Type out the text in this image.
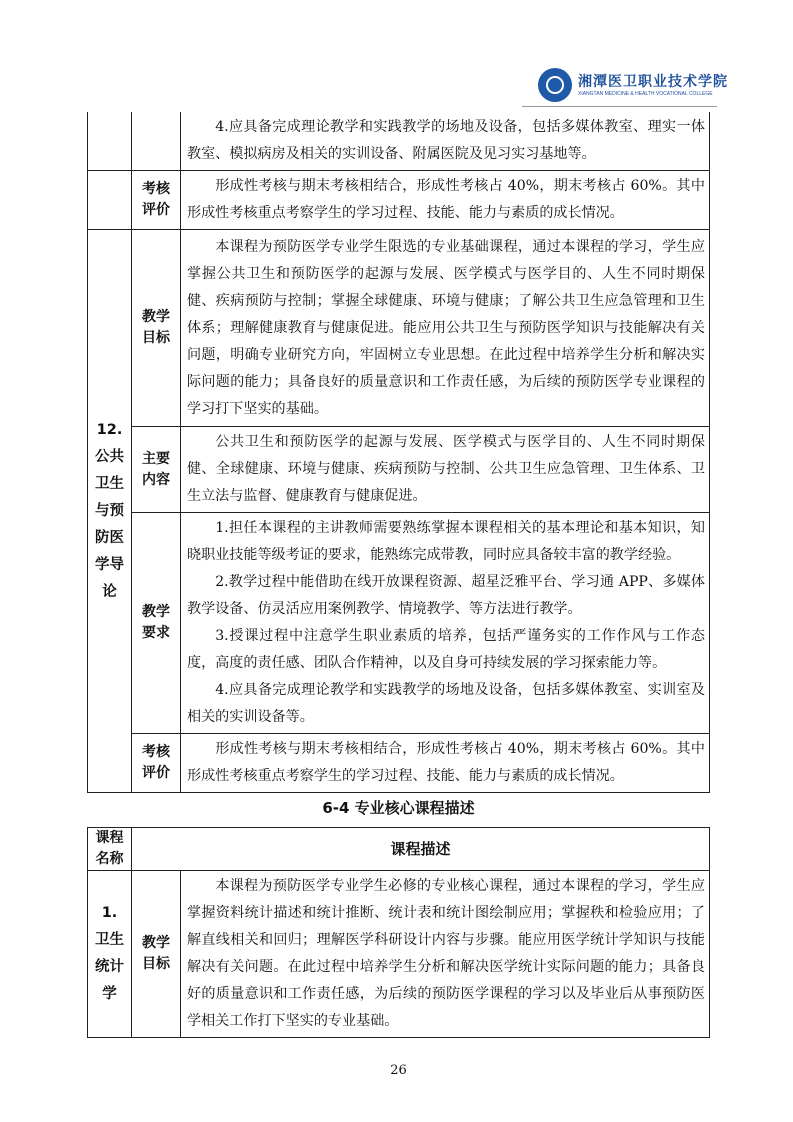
湘潭医卫职业技术学院
XIANGTAN MEDICINE & HEALTH VOCATIONAL COLLEGE

		4.应具备完成理论教学和实践教学的场地及设备，包括多媒体教室、理实一体教室、模拟病房及相关的实训设备、附属医院及见习实习基地等。

	考核评价	形成性考核与期末考核相结合，形成性考核占 40%，期末考核占 60%。其中形成性考核重点考察学生的学习过程、技能、能力与素质的成长情况。

12.公共卫生与预防医学导论	教学目标	本课程为预防医学专业学生限选的专业基础课程，通过本课程的学习，学生应掌握公共卫生和预防医学的起源与发展、医学模式与医学目的、人生不同时期保健、疾病预防与控制；掌握全球健康、环境与健康；了解公共卫生应急管理和卫生体系；理解健康教育与健康促进。能应用公共卫生与预防医学知识与技能解决有关问题，明确专业研究方向，牢固树立专业思想。在此过程中培养学生分析和解决实际问题的能力；具备良好的质量意识和工作责任感，为后续的预防医学专业课程的学习打下坚实的基础。

	主要内容	公共卫生和预防医学的起源与发展、医学模式与医学目的、人生不同时期保健、全球健康、环境与健康、疾病预防与控制、公共卫生应急管理、卫生体系、卫生立法与监督、健康教育与健康促进。

	教学要求	1.担任本课程的主讲教师需要熟练掌握本课程相关的基本理论和基本知识，知晓职业技能等级考证的要求，能熟练完成带教，同时应具备较丰富的教学经验。

2.教学过程中能借助在线开放课程资源、超星泛雅平台、学习通 APP、多媒体教学设备、仿灵活应用案例教学、情境教学、等方法进行教学。

3.授课过程中注意学生职业素质的培养，包括严谨务实的工作作风与工作态度，高度的责任感、团队合作精神，以及自身可持续发展的学习探索能力等。

4.应具备完成理论教学和实践教学的场地及设备，包括多媒体教室、实训室及相关的实训设备等。

	考核评价	形成性考核与期末考核相结合，形成性考核占 40%，期末考核占 60%。其中形成性考核重点考察学生的学习过程、技能、能力与素质的成长情况。

6-4 专业核心课程描述
课程名称	课程描述	

1.卫生统计学	教学目标	本课程为预防医学专业学生必修的专业核心课程，通过本课程的学习，学生应掌握资料统计描述和统计推断、统计表和统计图绘制应用；掌握秩和检验应用；了解直线相关和回归；理解医学科研设计内容与步骤。能应用医学统计学知识与技能解决有关问题。在此过程中培养学生分析和解决医学统计实际问题的能力；具备良好的质量意识和工作责任感，为后续的预防医学课程的学习以及毕业后从事预防医学相关工作打下坚实的专业基础。

26
